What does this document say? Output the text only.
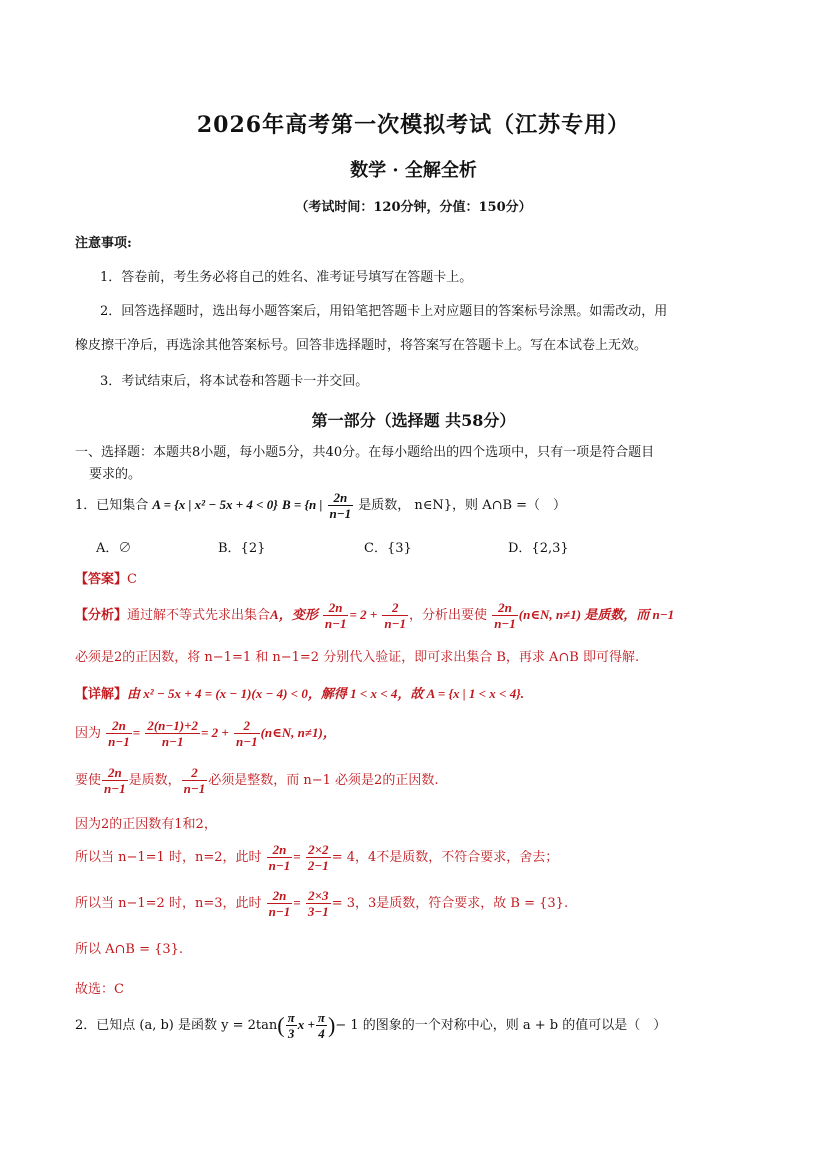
2026年高考第一次模拟考试（江苏专用）
数学 · 全解全析
（考试时间：120分钟，分值：150分）
注意事项:
1．答卷前，考生务必将自己的姓名、准考证号填写在答题卡上。
2．回答选择题时，选出每小题答案后，用铅笔把答题卡上对应题目的答案标号涂黑。如需改动，用
橡皮擦干净后，再选涂其他答案标号。回答非选择题时，将答案写在答题卡上。写在本试卷上无效。
3．考试结束后，将本试卷和答题卡一并交回。
第一部分（选择题 共58分）
一、选择题：本题共8小题，每小题5分，共40分。在每小题给出的四个选项中，只有一项是符合题目
要求的。
1．已知集合 A = {x | x² − 5x + 4 < 0} B = {n | $\frac{2n}{n-1}$ 是质数， n∈N}，则 A∩B =（　）
A．∅	B．{2}	C．{3}	D．{2,3}
【答案】C
【分析】通过解不等式先求出集合A，变形 $\frac{2n}{n-1} = 2 + \frac{2}{n-1}$ ，分析出要使 $\frac{2n}{n-1}$ (n∈N, n≠1) 是质数，而 n−1
必须是2的正因数，将 n−1=1 和 n−1=2 分别代入验证，即可求出集合 B，再求 A∩B 即可得解.
【详解】由 x² − 5x + 4 = (x − 1)(x − 4) < 0，解得 1 < x < 4，故 A = {x | 1 < x < 4}.
因为 $\frac{2n}{n-1} = \frac{2(n-1)+2}{n-1} = 2 + \frac{2}{n-1}$ (n∈N, n≠1)，
要使 $\frac{2n}{n-1}$ 是质数， $\frac{2}{n-1}$ 必须是整数，而 n−1 必须是2的正因数.
因为2的正因数有1和2，
所以当 n−1=1 时，n=2，此时 $\frac{2n}{n-1} = \frac{2\times 2}{2-1} = 4$，4不是质数，不符合要求，舍去；
所以当 n−1=2 时，n=3，此时 $\frac{2n}{n-1} = \frac{2\times 3}{3-1} = 3$，3是质数，符合要求，故 B = {3}.
所以 A∩B = {3}.
故选：C
2．已知点 (a, b) 是函数 $y = 2\tan( \frac{\pi}{3}$ $x + \frac{\pi}{4}$ )− 1 的图象的一个对称中心，则 a + b 的值可以是（　）
